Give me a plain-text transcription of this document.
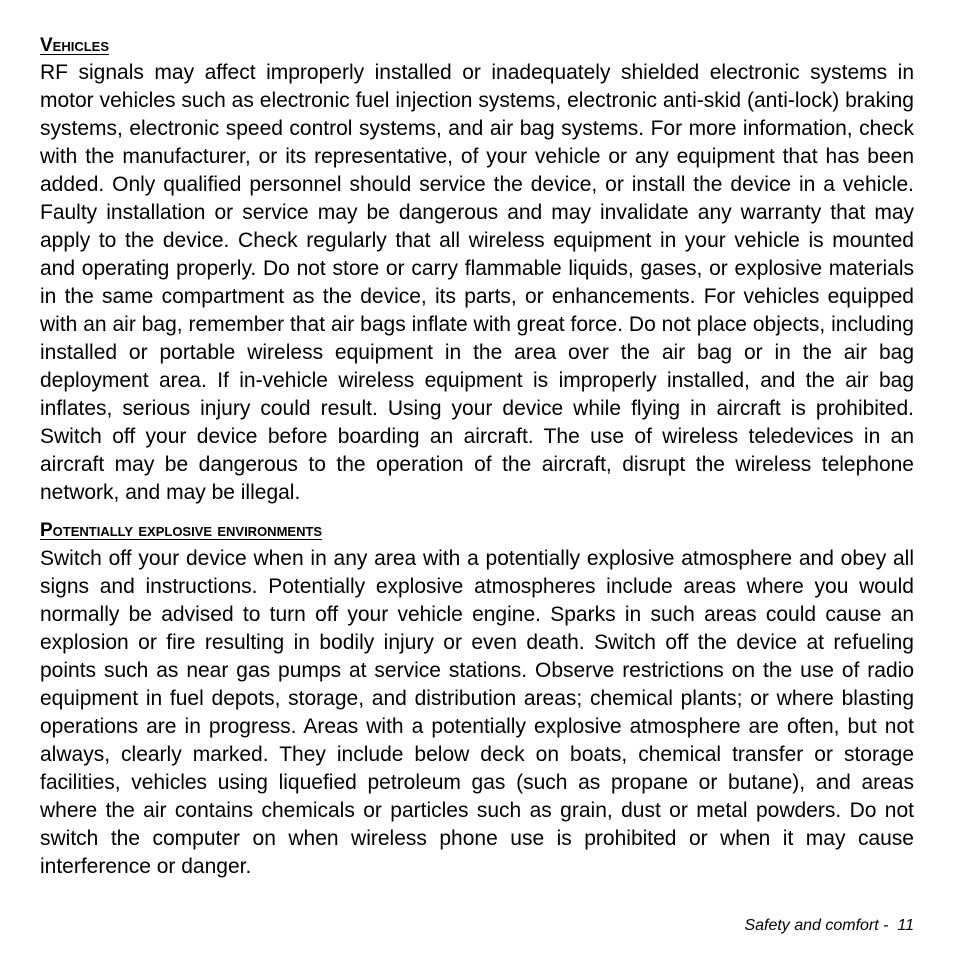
Vehicles

RF signals may affect improperly installed or inadequately shielded electronic systems in motor vehicles such as electronic fuel injection systems, electronic anti-skid (anti-lock) braking systems, electronic speed control systems, and air bag systems. For more information, check with the manufacturer, or its representative, of your vehicle or any equipment that has been added. Only qualified personnel should service the device, or install the device in a vehicle. Faulty installation or service may be dangerous and may invalidate any warranty that may apply to the device. Check regularly that all wireless equipment in your vehicle is mounted and operating properly. Do not store or carry flammable liquids, gases, or explosive materials in the same compartment as the device, its parts, or enhancements. For vehicles equipped with an air bag, remember that air bags inflate with great force. Do not place objects, including installed or portable wireless equipment in the area over the air bag or in the air bag deployment area. If in-vehicle wireless equipment is improperly installed, and the air bag inflates, serious injury could result. Using your device while flying in aircraft is prohibited. Switch off your device before boarding an aircraft. The use of wireless teledevices in an aircraft may be dangerous to the operation of the aircraft, disrupt the wireless telephone network, and may be illegal.

Potentially explosive environments

Switch off your device when in any area with a potentially explosive atmosphere and obey all signs and instructions. Potentially explosive atmospheres include areas where you would normally be advised to turn off your vehicle engine. Sparks in such areas could cause an explosion or fire resulting in bodily injury or even death. Switch off the device at refueling points such as near gas pumps at service stations. Observe restrictions on the use of radio equipment in fuel depots, storage, and distribution areas; chemical plants; or where blasting operations are in progress. Areas with a potentially explosive atmosphere are often, but not always, clearly marked. They include below deck on boats, chemical transfer or storage facilities, vehicles using liquefied petroleum gas (such as propane or butane), and areas where the air contains chemicals or particles such as grain, dust or metal powders. Do not switch the computer on when wireless phone use is prohibited or when it may cause interference or danger.

Safety and comfort -  11
